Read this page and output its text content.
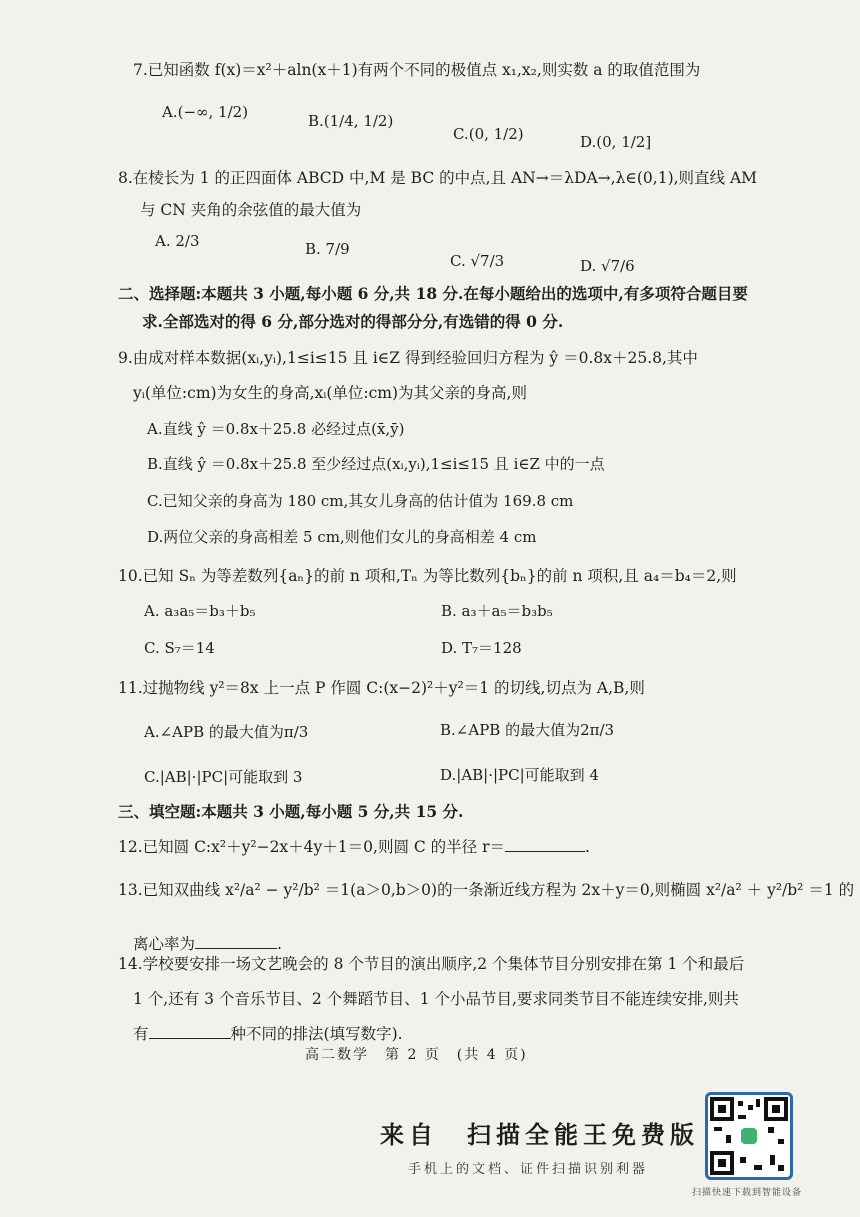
7.已知函数 f(x)＝x²＋aln(x＋1)有两个不同的极值点 x₁,x₂,则实数 a 的取值范围为
A.(−∞, 1/2)	B.(1/4, 1/2)
C.(0, 1/2)	D.(0, 1/2]
8.在棱长为 1 的正四面体 ABCD 中,M 是 BC 的中点,且 AN→＝λDA→,λ∈(0,1),则直线 AM
与 CN 夹角的余弦值的最大值为
A. 2/3	B. 7/9
C. √7/3	D. √7/6
二、选择题:本题共 3 小题,每小题 6 分,共 18 分.在每小题给出的选项中,有多项符合题目要
求.全部选对的得 6 分,部分选对的得部分分,有选错的得 0 分.
9.由成对样本数据(xᵢ,yᵢ),1≤i≤15 且 i∈Z 得到经验回归方程为 ŷ ＝0.8x＋25.8,其中
yᵢ(单位:cm)为女生的身高,xᵢ(单位:cm)为其父亲的身高,则
A.直线 ŷ ＝0.8x＋25.8 必经过点(x̄,ȳ)
B.直线 ŷ ＝0.8x＋25.8 至少经过点(xᵢ,yᵢ),1≤i≤15 且 i∈Z 中的一点
C.已知父亲的身高为 180 cm,其女儿身高的估计值为 169.8 cm
D.两位父亲的身高相差 5 cm,则他们女儿的身高相差 4 cm
10.已知 Sₙ 为等差数列{aₙ}的前 n 项和,Tₙ 为等比数列{bₙ}的前 n 项积,且 a₄＝b₄＝2,则
A. a₃a₅＝b₃＋b₅	B. a₃＋a₅＝b₃b₅
C. S₇＝14	D. T₇＝128
11.过抛物线 y²＝8x 上一点 P 作圆 C:(x−2)²＋y²＝1 的切线,切点为 A,B,则
A.∠APB 的最大值为π/3	B.∠APB 的最大值为2π/3
C.|AB|·|PC|可能取到 3	D.|AB|·|PC|可能取到 4
三、填空题:本题共 3 小题,每小题 5 分,共 15 分.
12.已知圆 C:x²＋y²−2x＋4y＋1＝0,则圆 C 的半径 r＝	.
13.已知双曲线 x²/a² − y²/b² ＝1(a＞0,b＞0)的一条渐近线方程为 2x＋y＝0,则椭圆 x²/a² ＋ y²/b² ＝1 的
离心率为	.
14.学校要安排一场文艺晚会的 8 个节目的演出顺序,2 个集体节目分别安排在第 1 个和最后
1 个,还有 3 个音乐节目、2 个舞蹈节目、1 个小品节目,要求同类节目不能连续安排,则共
有	种不同的排法(填写数字).
高二数学　第 2 页　(共 4 页)
来自　扫描全能王免费版
手机上的文档、证件扫描识别利器
扫描快速下载到智能设备
